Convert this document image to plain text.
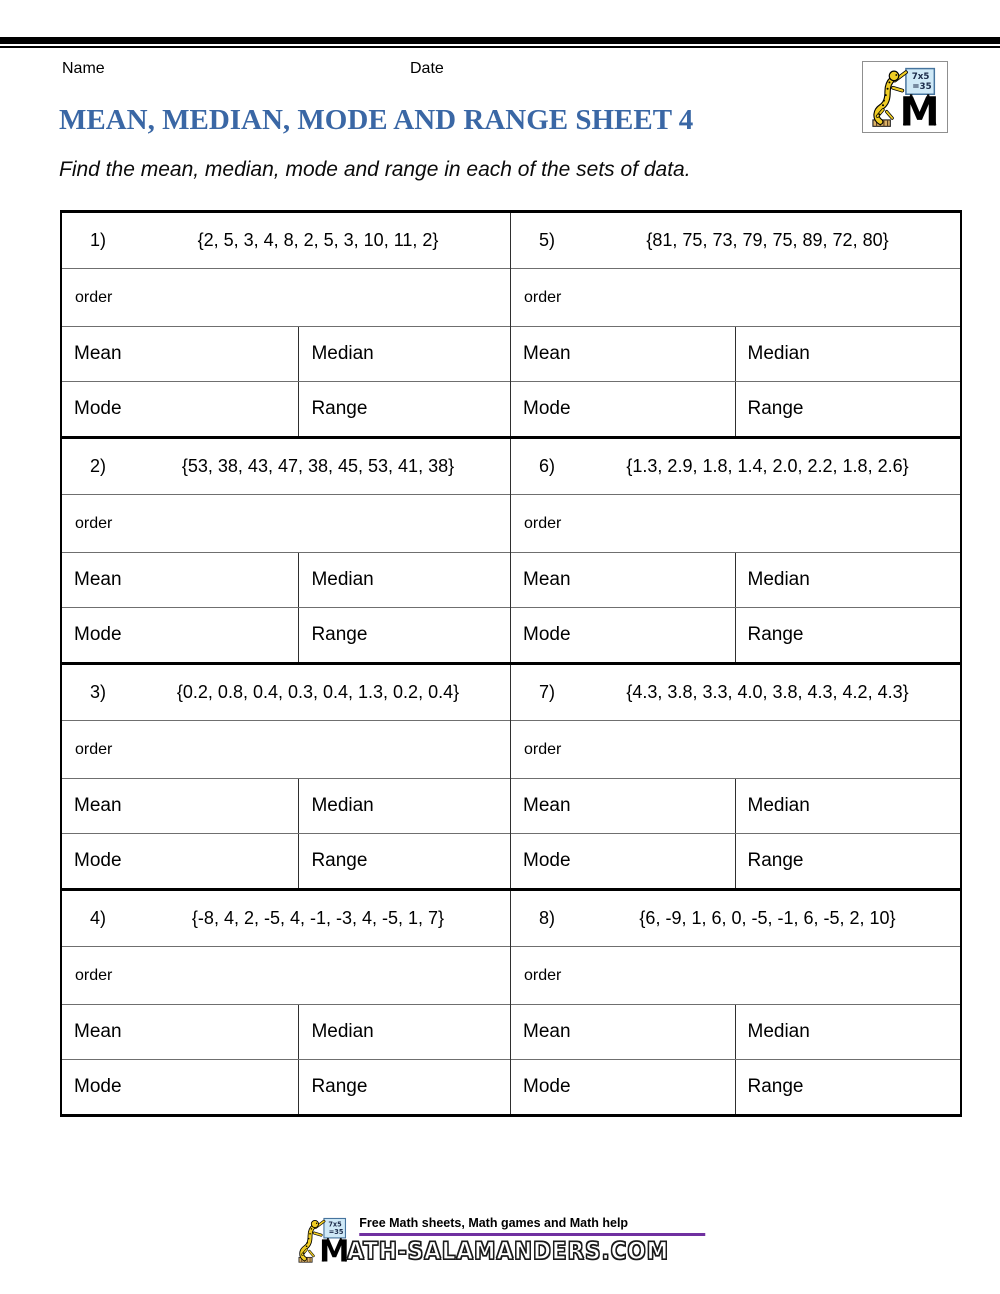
Name	Date
MEAN, MEDIAN, MODE AND RANGE SHEET 4

Find the mean, median, mode and range in each of the sets of data.

1)	{2, 5, 3, 4, 8, 2, 5, 3, 10, 11, 2}
order
Mean	Median
Mode	Range
5)	{81, 75, 73, 79, 75, 89, 72, 80}
order
Mean	Median
Mode	Range
2)	{53, 38, 43, 47, 38, 45, 53, 41, 38}
order
Mean	Median
Mode	Range
6)	{1.3, 2.9, 1.8, 1.4, 2.0, 2.2, 1.8, 2.6}
order
Mean	Median
Mode	Range
3)	{0.2, 0.8, 0.4, 0.3, 0.4, 1.3, 0.2, 0.4}
order
Mean	Median
Mode	Range
7)	{4.3, 3.8, 3.3, 4.0, 3.8, 4.3, 4.2, 4.3}
order
Mean	Median
Mode	Range
4)	{-8, 4, 2, -5, 4, -1, -3, 4, -5, 1, 7}
order
Mean	Median
Mode	Range
8)	{6, -9, 1, 6, 0, -5, -1, 6, -5, 2, 10}
order
Mean	Median
Mode	Range
Free Math sheets, Math games and Math help
ATH-SALAMANDERS.COM
